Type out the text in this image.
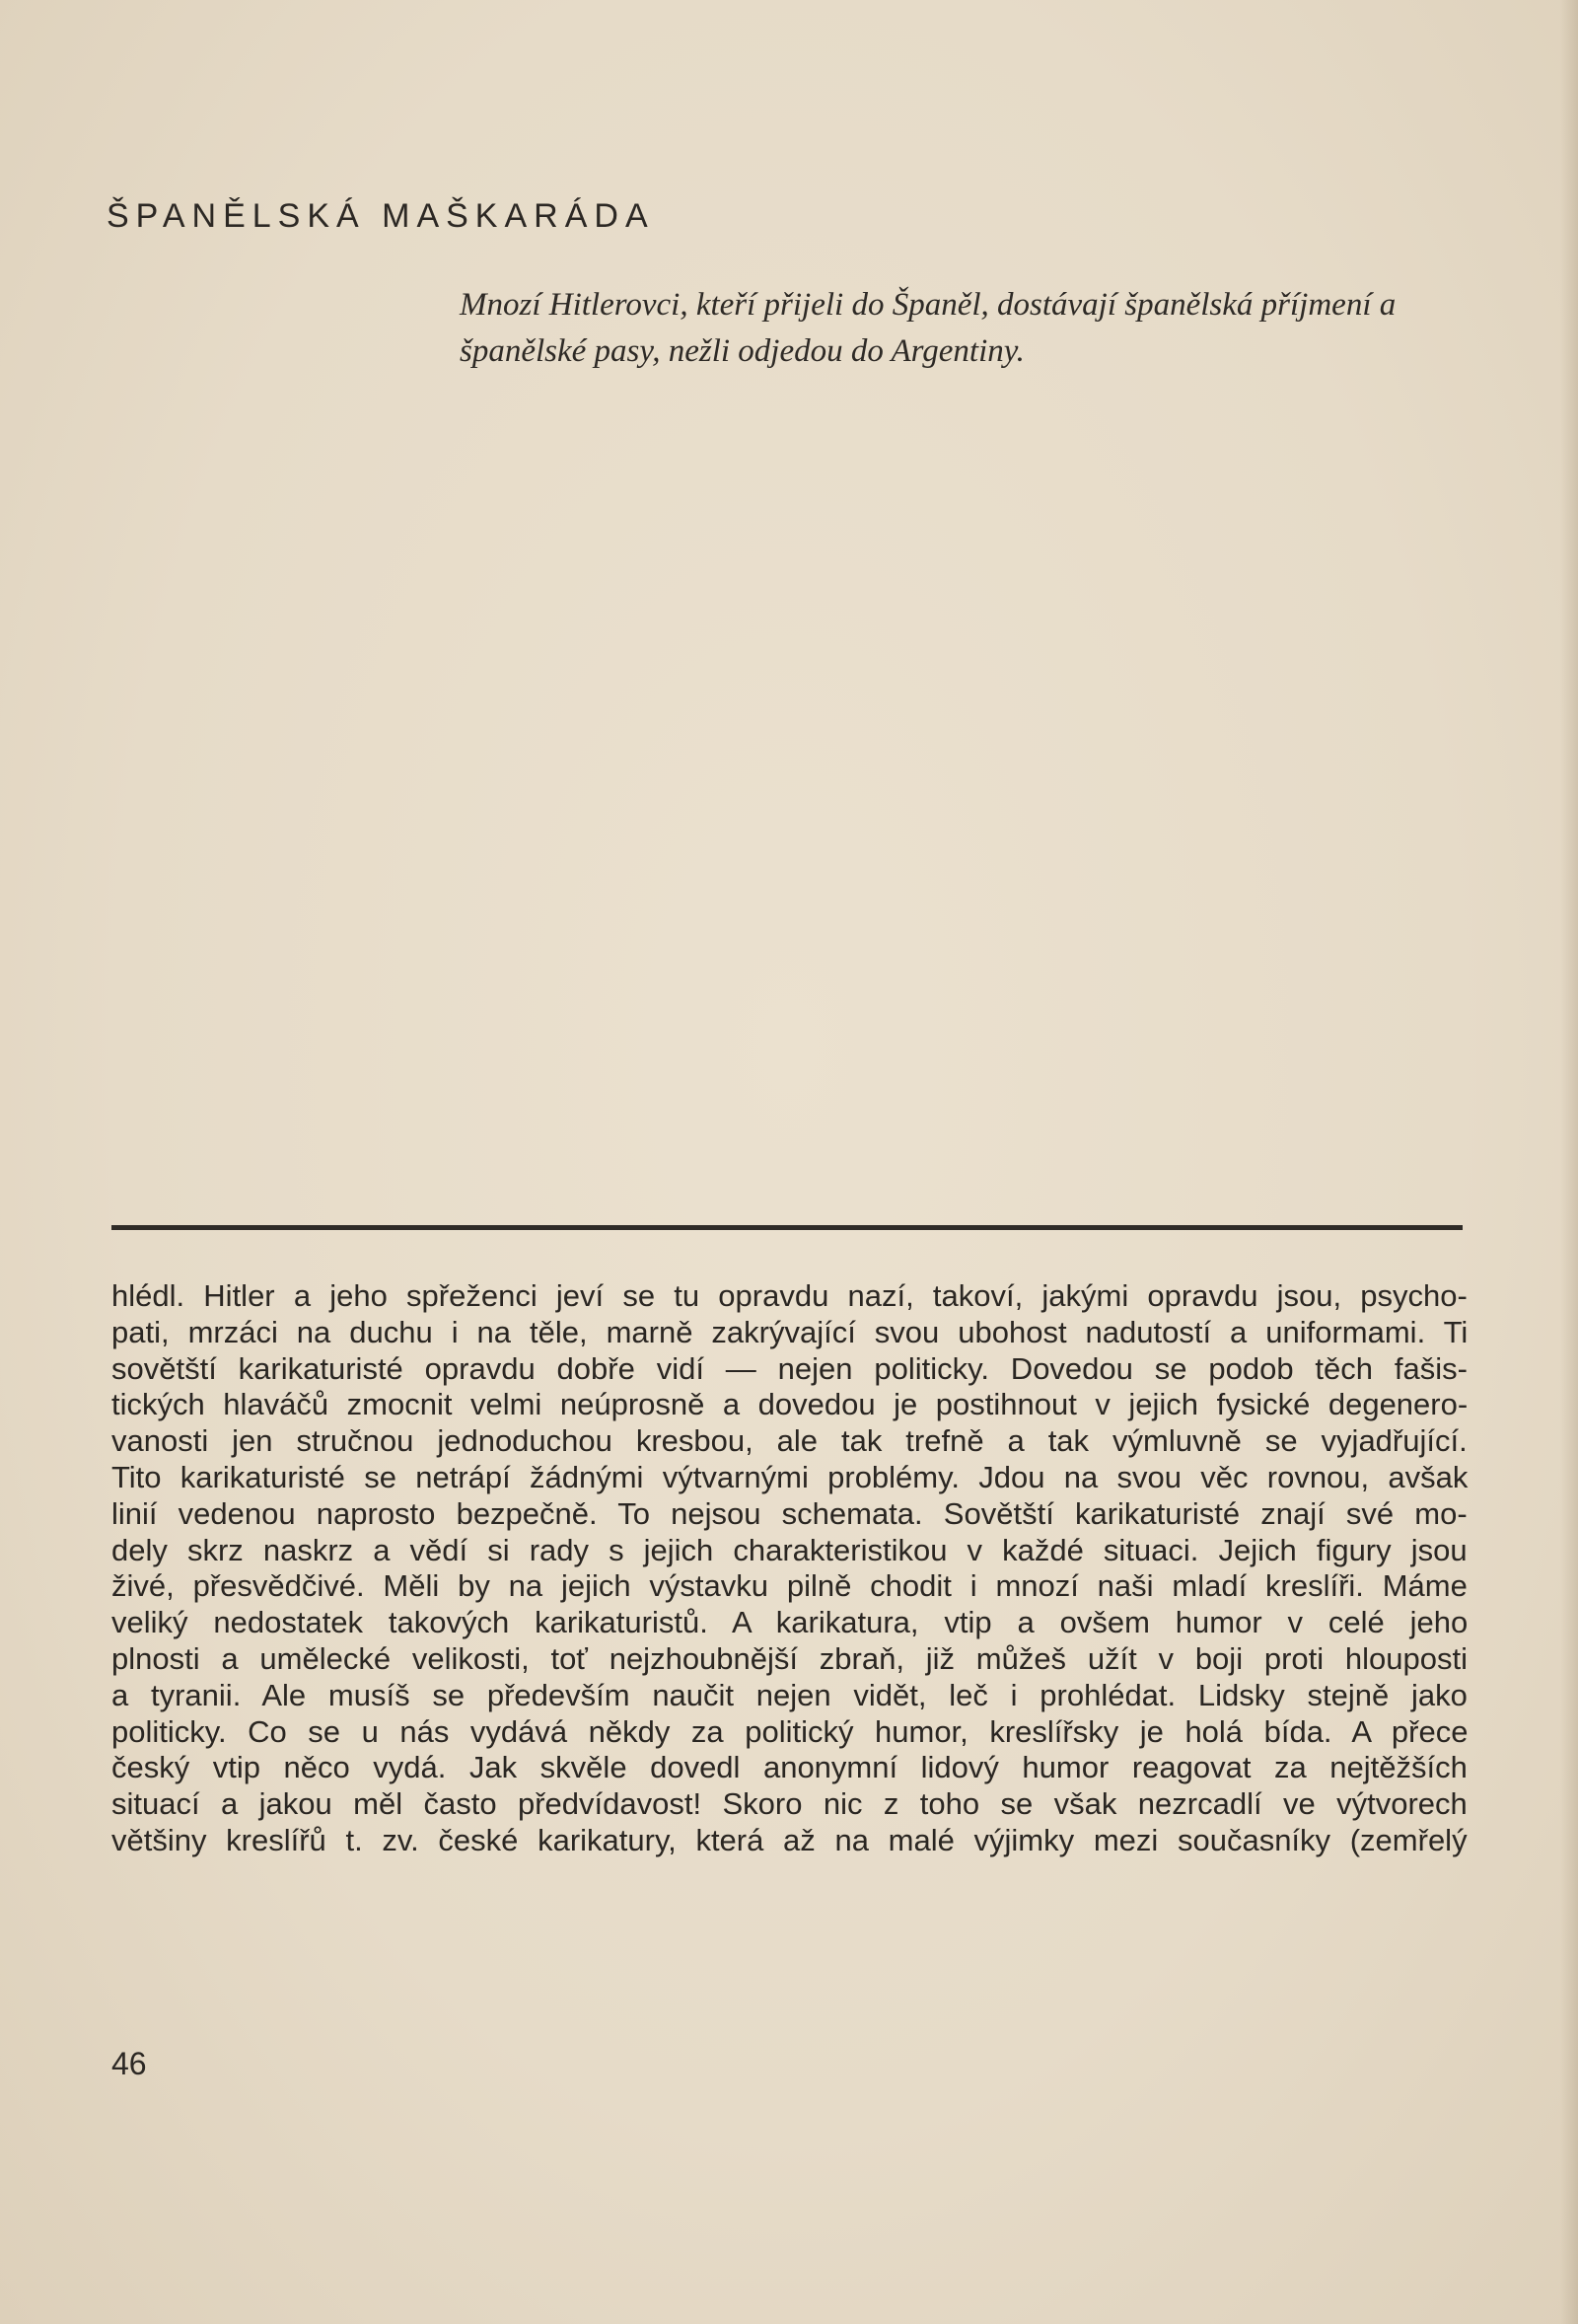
ŠPANĚLSKÁ MAŠKARÁDA
Mnozí Hitlerovci, kteří přijeli do Španěl, dostávají španělská příjmení a
španělské pasy, nežli odjedou do Argentiny.
hlédl. Hitler a jeho spřeženci jeví se tu opravdu nazí, takoví, jakými opravdu jsou, psycho-
pati, mrzáci na duchu i na těle, marně zakrývající svou ubohost nadutostí a uniformami. Ti
sovětští karikaturisté opravdu dobře vidí — nejen politicky. Dovedou se podob těch fašis-
tických hlaváčů zmocnit velmi neúprosně a dovedou je postihnout v jejich fysické degenero-
vanosti jen stručnou jednoduchou kresbou, ale tak trefně a tak výmluvně se vyjadřující.
Tito karikaturisté se netrápí žádnými výtvarnými problémy. Jdou na svou věc rovnou, avšak
linií vedenou naprosto bezpečně. To nejsou schemata. Sovětští karikaturisté znají své mo-
dely skrz naskrz a vědí si rady s jejich charakteristikou v každé situaci. Jejich figury jsou
živé, přesvědčivé. Měli by na jejich výstavku pilně chodit i mnozí naši mladí kreslíři. Máme
veliký nedostatek takových karikaturistů. A karikatura, vtip a ovšem humor v celé jeho
plnosti a umělecké velikosti, toť nejzhoubnější zbraň, již můžeš užít v boji proti hlouposti
a tyranii. Ale musíš se především naučit nejen vidět, leč i prohlédat. Lidsky stejně jako
politicky. Co se u nás vydává někdy za politický humor, kreslířsky je holá bída. A přece
český vtip něco vydá. Jak skvěle dovedl anonymní lidový humor reagovat za nejtěžších
situací a jakou měl často předvídavost! Skoro nic z toho se však nezrcadlí ve výtvorech
většiny kreslířů t. zv. české karikatury, která až na malé výjimky mezi současníky (zemřelý
46
